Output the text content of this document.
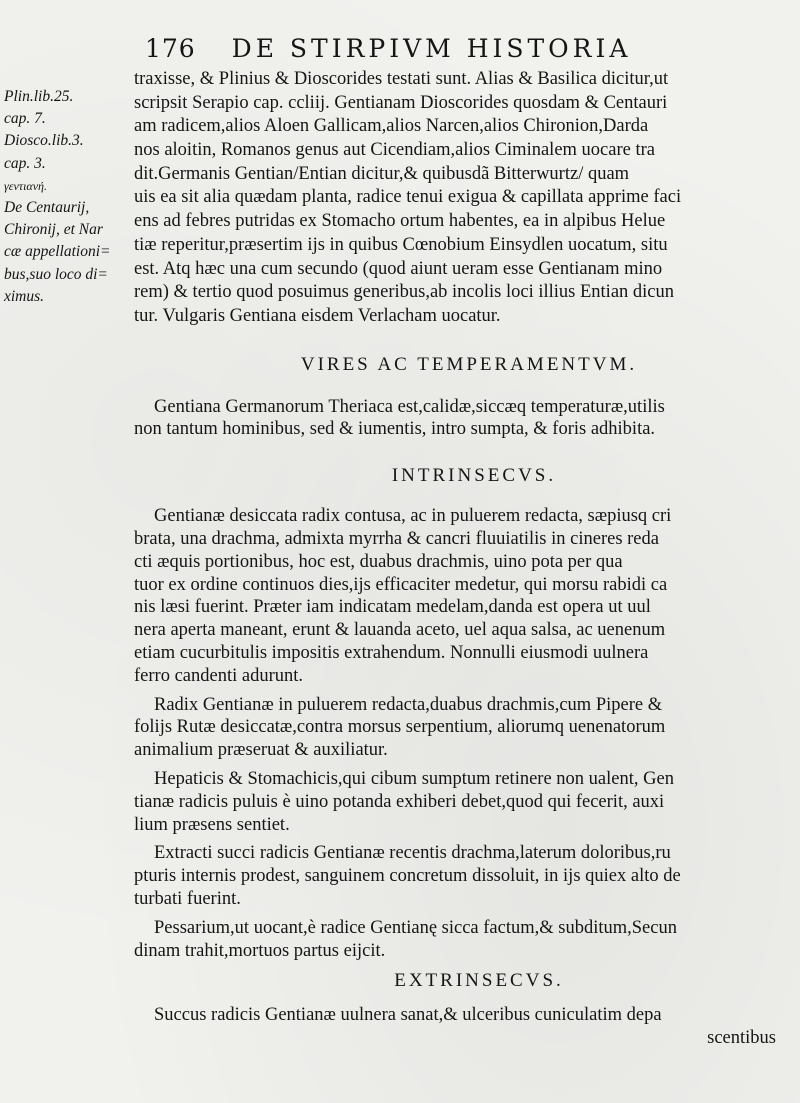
176 DE STIRPIVM HISTORIA
Plin.lib.25.
cap. 7.
Diosco.lib.3.
cap. 3.
γεντιανή.
De Centaurij,
Chironij, et Nar
cæ appellationi=
bus,suo loco di=
ximus.
traxisse, & Plinius & Dioscorides testati sunt. Alias & Basilica dicitur,ut
scripsit Serapio cap. ccliij. Gentianam Dioscorides quosdam & Centauri
am radicem,alios Aloen Gallicam,alios Narcen,alios Chironion,Darda
nos aloitin, Romanos genus aut Cicendiam,alios Ciminalem uocare tra
dit.Germanis Gentian/Entian dicitur,& quibusdã Bitterwurtz/ quam
uis ea sit alia quædam planta, radice tenui exigua & capillata apprime faci
ens ad febres putridas ex Stomacho ortum habentes, ea in alpibus Helue
tiæ reperitur,præsertim ijs in quibus Cœnobium Einsydlen uocatum, situ
est. Atq hæc una cum secundo (quod aiunt ueram esse Gentianam mino
rem) & tertio quod posuimus generibus,ab incolis loci illius Entian dicun
tur. Vulgaris Gentiana eisdem Verlacham uocatur.
VIRES AC TEMPERAMENTVM.
Gentiana Germanorum Theriaca est,calidæ,siccæq temperaturæ,utilis
non tantum hominibus, sed & iumentis, intro sumpta, & foris adhibita.
INTRINSECVS.
Gentianæ desiccata radix contusa, ac in puluerem redacta, sæpiusq cri
brata, una drachma, admixta myrrha & cancri fluuiatilis in cineres reda
cti æquis portionibus, hoc est, duabus drachmis, uino pota per qua
tuor ex ordine continuos dies,ijs efficaciter medetur, qui morsu rabidi ca
nis læsi fuerint. Præter iam indicatam medelam,danda est opera ut uul
nera aperta maneant, erunt & lauanda aceto, uel aqua salsa, ac uenenum
etiam cucurbitulis impositis extrahendum. Nonnulli eiusmodi uulnera
ferro candenti adurunt.
Radix Gentianæ in puluerem redacta,duabus drachmis,cum Pipere &
folijs Rutæ desiccatæ,contra morsus serpentium, aliorumq uenenatorum
animalium præseruat & auxiliatur.
Hepaticis & Stomachicis,qui cibum sumptum retinere non ualent, Gen
tianæ radicis puluis è uino potanda exhiberi debet,quod qui fecerit, auxi
lium præsens sentiet.
Extracti succi radicis Gentianæ recentis drachma,laterum doloribus,ru
pturis internis prodest, sanguinem concretum dissoluit, in ijs quiex alto de
turbati fuerint.
Pessarium,ut uocant,è radice Gentianę sicca factum,& subditum,Secun
dinam trahit,mortuos partus eijcit.
EXTRINSECVS.
Succus radicis Gentianæ uulnera sanat,& ulceribus cuniculatim depa
scentibus
